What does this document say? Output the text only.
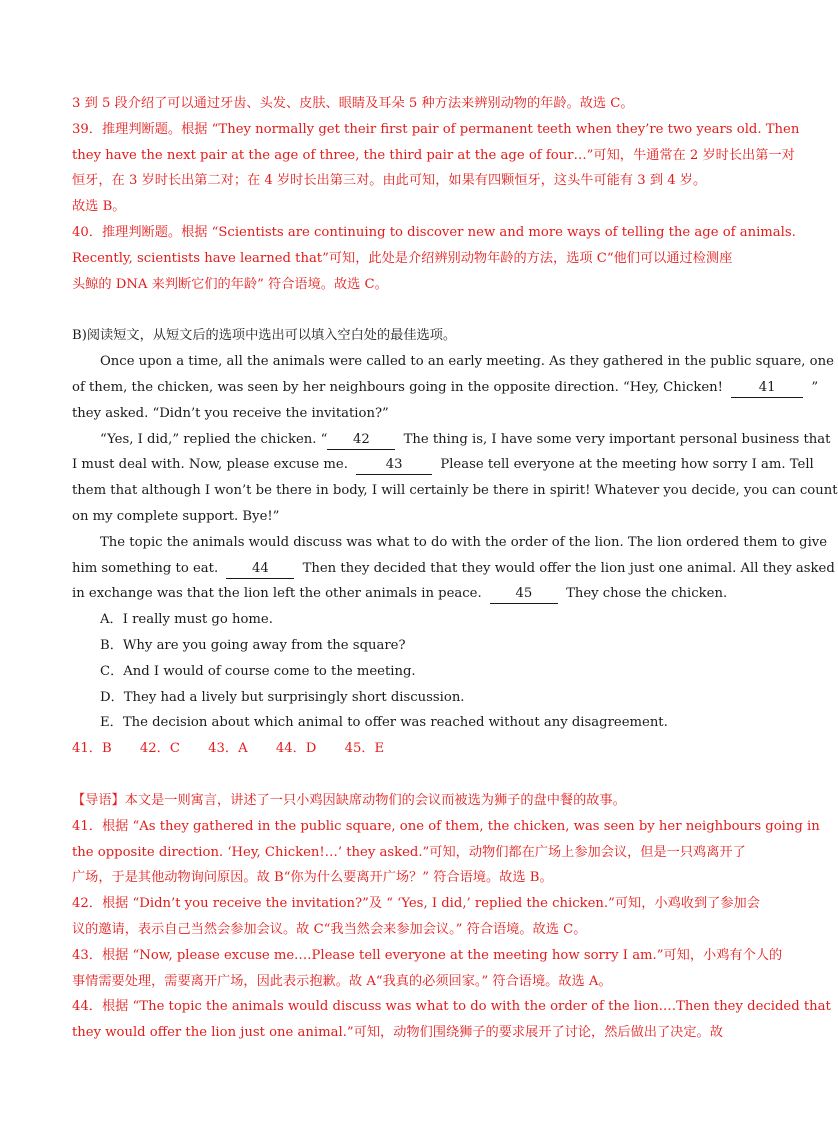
3 到 5 段介绍了可以通过牙齿、头发、皮肤、眼睛及耳朵 5 种方法来辨别动物的年龄。故选 C。
39．推理判断题。根据 “They normally get their first pair of permanent teeth when they’re two years old. Then
they have the next pair at the age of three, the third pair at the age of four…”可知，牛通常在 2 岁时长出第一对
恒牙，在 3 岁时长出第二对；在 4 岁时长出第三对。由此可知，如果有四颗恒牙，这头牛可能有 3 到 4 岁。
故选 B。
40．推理判断题。根据 “Scientists are continuing to discover new and more ways of telling the age of animals.
Recently, scientists have learned that”可知，此处是介绍辨别动物年龄的方法，选项 C“他们可以通过检测座
头鲸的 DNA 来判断它们的年龄” 符合语境。故选 C。
B)阅读短文，从短文后的选项中选出可以填入空白处的最佳选项。
Once upon a time, all the animals were called to an early meeting. As they gathered in the public square, one
of them, the chicken, was seen by her neighbours going in the opposite direction. “Hey, Chicken!	41	”
they asked. “Didn’t you receive the invitation?”
“Yes, I did,” replied the chicken. “ 42	The thing is, I have some very important personal business that
I must deal with. Now, please excuse me.	43	Please tell everyone at the meeting how sorry I am. Tell
them that although I won’t be there in body, I will certainly be there in spirit! Whatever you decide, you can count
on my complete support. Bye!”
The topic the animals would discuss was what to do with the order of the lion. The lion ordered them to give
him something to eat.	44	Then they decided that they would offer the lion just one animal. All they asked
in exchange was that the lion left the other animals in peace.	45	They chose the chicken.
A．I really must go home.
B．Why are you going away from the square?
C．And I would of course come to the meeting.
D．They had a lively but surprisingly short discussion.
E．The decision about which animal to offer was reached without any disagreement.
41．B 42．C 43．A 44．D 45．E
【导语】本文是一则寓言，讲述了一只小鸡因缺席动物们的会议而被选为狮子的盘中餐的故事。
41．根据 “As they gathered in the public square, one of them, the chicken, was seen by her neighbours going in
the opposite direction. ‘Hey, Chicken!…’ they asked.”可知，动物们都在广场上参加会议，但是一只鸡离开了
广场，于是其他动物询问原因。故 B“你为什么要离开广场？” 符合语境。故选 B。
42．根据 “Didn’t you receive the invitation?”及 “ ‘Yes, I did,’ replied the chicken.”可知，小鸡收到了参加会
议的邀请，表示自己当然会参加会议。故 C“我当然会来参加会议。” 符合语境。故选 C。
43．根据 “Now, please excuse me.…Please tell everyone at the meeting how sorry I am.”可知，小鸡有个人的
事情需要处理，需要离开广场，因此表示抱歉。故 A“我真的必须回家。” 符合语境。故选 A。
44．根据 “The topic the animals would discuss was what to do with the order of the lion.…Then they decided that
they would offer the lion just one animal.”可知，动物们围绕狮子的要求展开了讨论，然后做出了决定。故
